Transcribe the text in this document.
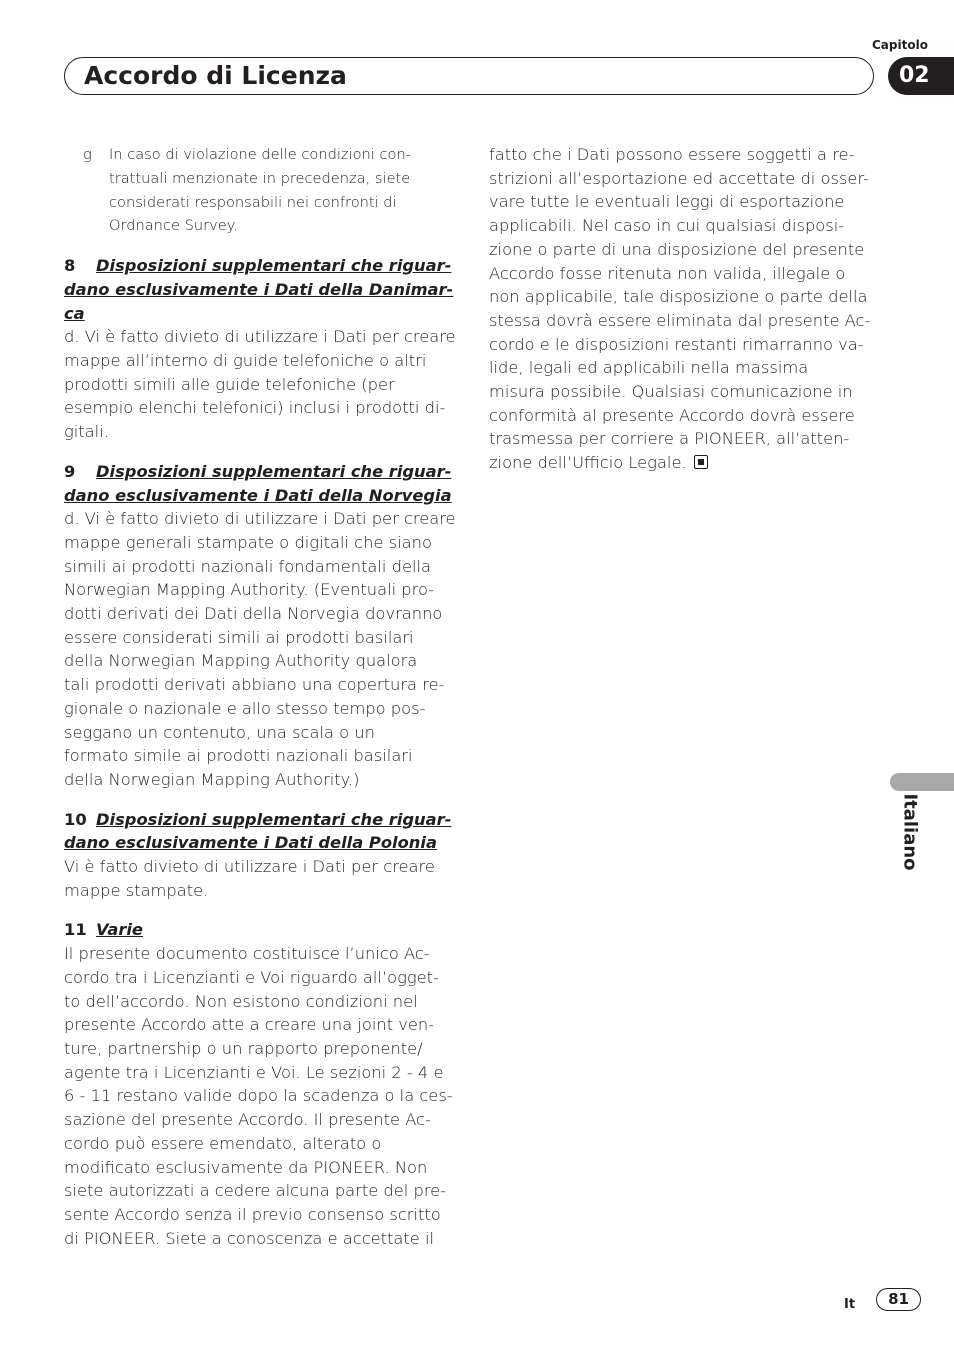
Capitolo
Accordo di Licenza	02
g In caso di violazione delle condizioni con-
trattuali menzionate in precedenza, siete
considerati responsabili nei confronti di
Ordnance Survey.
8 Disposizioni supplementari che riguar-
dano esclusivamente i Dati della Danimar-
ca
d. Vi è fatto divieto di utilizzare i Dati per creare
mappe all’interno di guide telefoniche o altri
prodotti simili alle guide telefoniche (per
esempio elenchi telefonici) inclusi i prodotti di-
gitali.
9 Disposizioni supplementari che riguar-
dano esclusivamente i Dati della Norvegia
d. Vi è fatto divieto di utilizzare i Dati per creare
mappe generali stampate o digitali che siano
simili ai prodotti nazionali fondamentali della
Norwegian Mapping Authority. (Eventuali pro-
dotti derivati dei Dati della Norvegia dovranno
essere considerati simili ai prodotti basilari
della Norwegian Mapping Authority qualora
tali prodotti derivati abbiano una copertura re-
gionale o nazionale e allo stesso tempo pos-
seggano un contenuto, una scala o un
formato simile ai prodotti nazionali basilari
della Norwegian Mapping Authority.)
10 Disposizioni supplementari che riguar-
dano esclusivamente i Dati della Polonia
Vi è fatto divieto di utilizzare i Dati per creare
mappe stampate.
11 Varie
Il presente documento costituisce l’unico Ac-
cordo tra i Licenzianti e Voi riguardo all’ogget-
to dell’accordo. Non esistono condizioni nel
presente Accordo atte a creare una joint ven-
ture, partnership o un rapporto preponente/
agente tra i Licenzianti e Voi. Le sezioni 2 - 4 e
6 - 11 restano valide dopo la scadenza o la ces-
sazione del presente Accordo. Il presente Ac-
cordo può essere emendato, alterato o
modificato esclusivamente da PIONEER. Non
siete autorizzati a cedere alcuna parte del pre-
sente Accordo senza il previo consenso scritto
di PIONEER. Siete a conoscenza e accettate il
fatto che i Dati possono essere soggetti a re-
strizioni all’esportazione ed accettate di osser-
vare tutte le eventuali leggi di esportazione
applicabili. Nel caso in cui qualsiasi disposi-
zione o parte di una disposizione del presente
Accordo fosse ritenuta non valida, illegale o
non applicabile, tale disposizione o parte della
stessa dovrà essere eliminata dal presente Ac-
cordo e le disposizioni restanti rimarranno va-
lide, legali ed applicabili nella massima
misura possibile. Qualsiasi comunicazione in
conformità al presente Accordo dovrà essere
trasmessa per corriere a PIONEER, all’atten-
zione dell’Ufficio Legale.
Italiano
It	81
